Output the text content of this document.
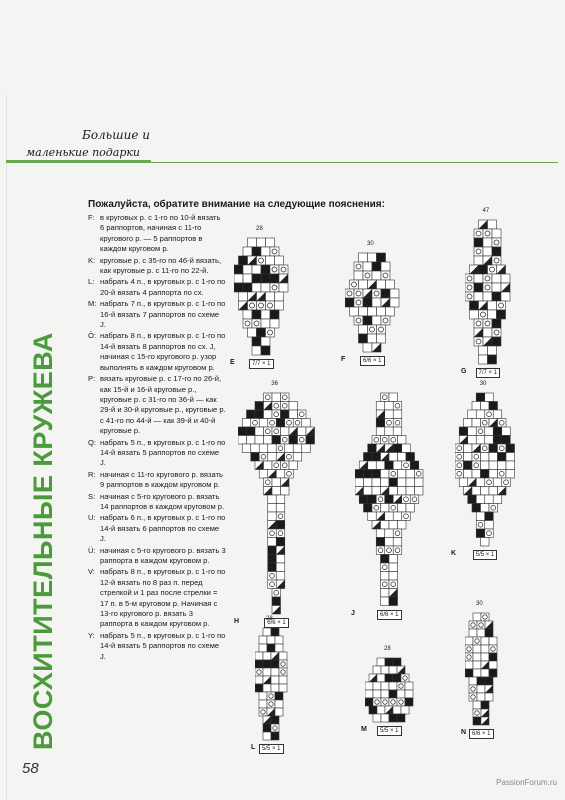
Большие и
маленькие подарки
ВОСХИТИТЕЛЬНЫЕ КРУЖЕВА
58
Пожалуйста, обратите внимание на следующие пояснения:
F: в круговых р. с 1-го по 10-й вязать 6 раппортов, начиная с 11-го кругового р. — 5 раппортов в каждом круговом р.
K: круговые р. с 35-го по 46-й вязать, как круговые р. с 11-го по 22-й.
L: набрать 4 п., в круговых р. с 1-го по 20-й вязать 4 раппорта по сх.
M: набрать 7 п., в круговых р. с 1-го по 16-й вязать 7 раппортов по схеме J.
Ö: набрать 8 п., в круговых р. с 1-го по 14-й вязать 8 раппортов по сх. J, начиная с 15-го кругового р. узор выполнять в каждом круговом р.
P: вязать круговые р. с 17-го по 26-й, как 15-й и 16-й круговые р., круговые р. с 31-го по 36-й — как 29-й и 30-й круговые р., круговые р. с 41-го по 44-й — как 39-й и 40-й круговые р.
Q: набрать 5 п., в круговых р. с 1-го по 14-й вязать 5 раппортов по схеме J.
R: начиная с 11-го кругового р. вязать 9 раппортов в каждом круговом р.
S: начиная с 5-го кругового р. вязать 14 раппортов в каждом круговом р.
U: набрать 6 п., в круговых р. с 1-го по 14-й вязать 6 раппортов по схеме J.
Ü: начиная с 5-го кругового р. вязать 3 раппорта в каждом круговом р.
V: набрать 8 п., в круговых р. с 1-го по 12-й вязать по 8 раз п. перед стрелкой и 1 раз после стрелки = 17 п. в 5-м круговом р. Начиная с 13-го кругового р. вязать 3 раппорта в каждом круговом р.
Y: набрать 5 п., в круговых р. с 1-го по 14-й вязать 5 раппортов по схеме J.
28
7/7 × 1
E
30
6/6 × 1
F
47
7/7 × 1
G
36
6/6 × 1
H
6/6 × 1
J
30
5/5 × 1
K
28
5/5 × 1
L
28
5/5 × 1
M
30
6/6 × 1
N
PassionForum.ru
